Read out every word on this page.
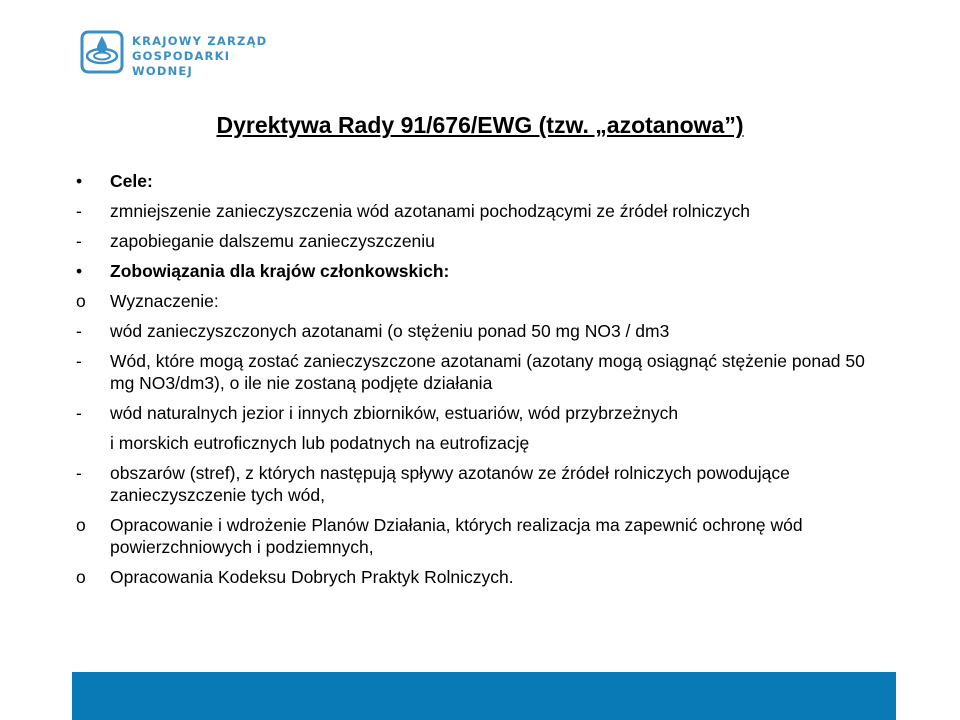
KRAJOWY ZARZĄD
GOSPODARKI WODNEJ
Dyrektywa Rady 91/676/EWG (tzw. „azotanowa”)
•	Cele:
-	zmniejszenie zanieczyszczenia wód azotanami pochodzącymi ze źródeł rolniczych
-	zapobieganie dalszemu zanieczyszczeniu
•	Zobowiązania dla krajów członkowskich:
o	Wyznaczenie:
-	wód zanieczyszczonych azotanami (o stężeniu ponad 50 mg NO3 / dm3
-	Wód, które mogą zostać zanieczyszczone azotanami (azotany mogą osiągnąć stężenie ponad 50 mg NO3/dm3), o ile nie zostaną podjęte działania
-	wód naturalnych jezior i innych zbiorników, estuariów, wód przybrzeżnych
i morskich eutroficznych lub podatnych na eutrofizację
-	obszarów (stref), z których następują spływy azotanów ze źródeł rolniczych powodujące zanieczyszczenie tych wód,
o	Opracowanie i wdrożenie Planów Działania, których realizacja ma zapewnić ochronę wód powierzchniowych i podziemnych,
o	Opracowania Kodeksu Dobrych Praktyk Rolniczych.
